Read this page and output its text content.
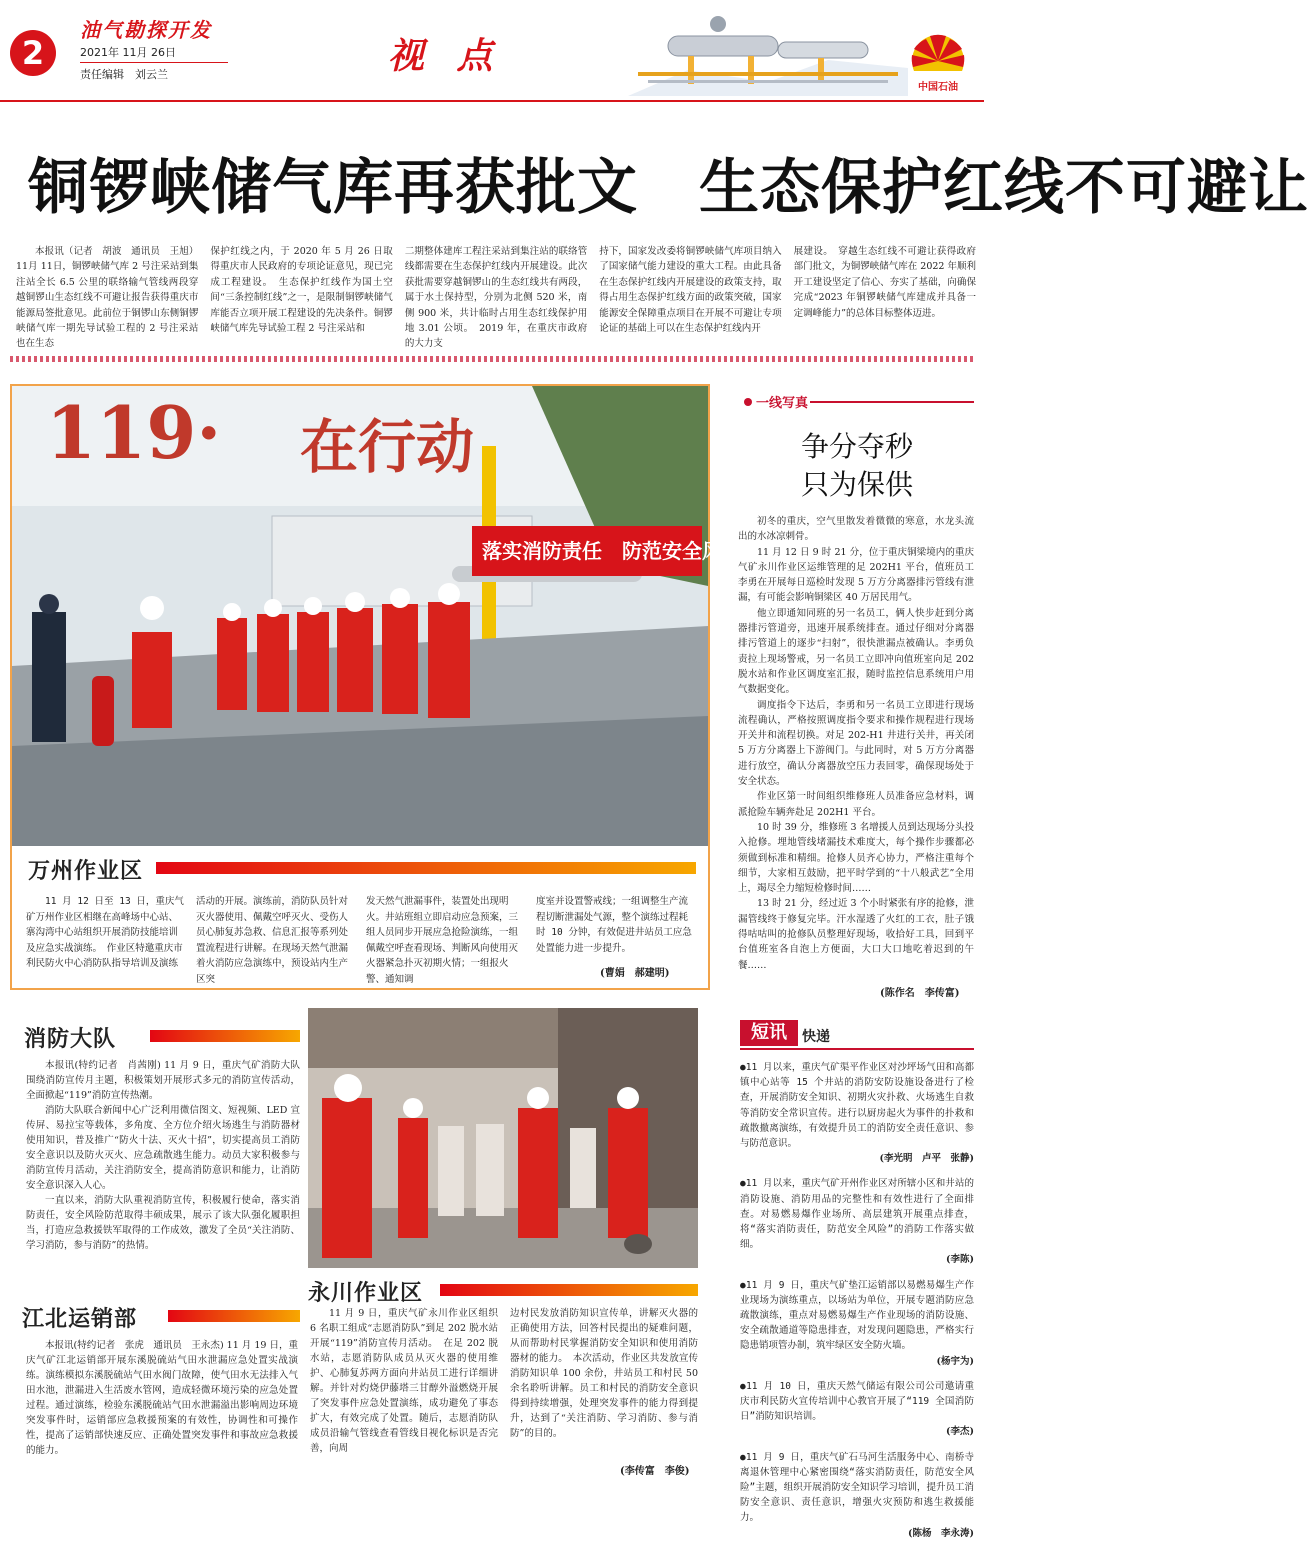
2
油气勘探开发
2021年 11月 26日
责任编辑　刘云兰	视 点
中国石油
铜锣峡储气库再获批文　生态保护红线不可避让

本报讯（记者　胡波　通讯员　王旭）11月 11日，铜锣峡储气库 2 号注采站到集注站全长 6.5 公里的联络输气管线两段穿越铜锣山生态红线不可避让报告获得重庆市能源局签批意见。此前位于铜锣山东侧铜锣峡储气库一期先导试验工程的 2 号注采站也在生态

保护红线之内，于 2020 年 5 月 26 日取得重庆市人民政府的专项论证意见，现已完成工程建设。　生态保护红线作为国土空间“三条控制红线”之一，是限制铜锣峡储气库能否立项开展工程建设的先决条件。铜锣峡储气库先导试验工程 2 号注采站和

二期整体建库工程注采站到集注站的联络管线都需要在生态保护红线内开展建设。此次获批需要穿越铜锣山的生态红线共有两段，属于水土保持型，分别为北侧 520 米，南侧 900 米，共计临时占用生态红线保护用地 3.01 公顷。　2019 年，在重庆市政府的大力支

持下，国家发改委将铜锣峡储气库项目纳入了国家储气能力建设的重大工程。由此具备在生态保护红线内开展建设的政策支持，取得占用生态保护红线方面的政策突破，国家能源安全保障重点项目在开展不可避让专项论证的基础上可以在生态保护红线内开

展建设。　穿越生态红线不可避让获得政府部门批文，为铜锣峡储气库在 2022 年顺利开工建设坚定了信心、夯实了基础，向确保完成“2023 年铜锣峡储气库建成并具备一定调峰能力”的总体目标整体迈进。

落实消防责任　防范安全风险
119· 在行动
万州作业区

11 月 12 日至 13 日，重庆气矿万州作业区相继在高峰场中心站、寨沟湾中心站组织开展消防技能培训及应急实战演练。　作业区特邀重庆市利民防火中心消防队指导培训及演练

活动的开展。演练前，消防队员针对灭火器使用、佩戴空呼灭火、受伤人员心肺复苏急救、信息汇报等系列处置流程进行讲解。在现场天然气泄漏着火消防应急演练中，预设站内生产区突

发天然气泄漏事件，装置处出现明火。井站班组立即启动应急预案，三组人员同步开展应急抢险演练，一组佩戴空呼查看现场、判断风向使用灭火器紧急扑灭初期火情；一组报火警、通知调

度室并设置警戒线；一组调整生产流程切断泄漏处气源，整个演练过程耗时 10 分钟，有效促进井站员工应急处置能力进一步提升。

(曹娟　郝建明)
消防大队

本报讯(特约记者　肖茜刚) 11 月 9 日，重庆气矿消防大队围绕消防宣传月主题，积极策划开展形式多元的消防宣传活动，全面掀起“119”消防宣传热潮。

消防大队联合新闻中心广泛利用微信图文、短视频、LED 宣传屏、易拉宝等载体，多角度、全方位介绍火场逃生与消防器材使用知识，普及推广“防火十法、灭火十招”，切实提高员工消防安全意识以及防火灭火、应急疏散逃生能力。动员大家积极参与消防宣传月活动，关注消防安全，提高消防意识和能力，让消防安全意识深入人心。

一直以来，消防大队重视消防宣传，积极履行使命，落实消防责任，安全风险防范取得丰硕成果，展示了该大队强化履职担当，打造应急救援铁军取得的工作成效，激发了全员“关注消防、学习消防，参与消防”的热情。

永川作业区

11 月 9 日，重庆气矿永川作业区组织 6 名职工组成“志愿消防队”到足 202 脱水站开展“119”消防宣传月活动。　在足 202 脱水站，志愿消防队成员从灭火器的使用维护、心肺复苏两方面向井站员工进行详细讲解。并针对灼烧伊藤塔三甘醇外溢燃烧开展了突发事件应急处置演练，成功避免了事态扩大，有效完成了处置。随后，志愿消防队成员沿输气管线查看管线目视化标识是否完善，向周

边村民发放消防知识宣传单，讲解灭火器的正确使用方法，回答村民提出的疑难问题，从而帮助村民掌握消防安全知识和使用消防器材的能力。　本次活动，作业区共发放宣传消防知识单 100 余份，井站员工和村民 50 余名聆听讲解。员工和村民的消防安全意识得到持续增强，处理突发事件的能力得到提升，达到了“关注消防、学习消防、参与消防”的目的。

(李传富　李俊)
江北运销部

本报讯(特约记者　张虎　通讯员　王永杰) 11 月 19 日，重庆气矿江北运销部开展东溪脱硫站气田水泄漏应急处置实战演练。演练模拟东溪脱硫站气田水阀门故障，使气田水无法排入气田水池，泄漏进入生活废水管网，造成轻微环境污染的应急处置过程。通过演练，检验东溪脱硫站气田水泄漏溢出影响周边环境突发事件时，运销部应急救援预案的有效性，协调性和可操作性，提高了运销部快速反应、正确处置突发事件和事故应急救援的能力。

一线写真
争分夺秒
只为保供

初冬的重庆，空气里散发着微微的寒意，水龙头流出的水冰凉刺骨。

11 月 12 日 9 时 21 分，位于重庆铜梁境内的重庆气矿永川作业区运维管理的足 202H1 平台，值班员工李勇在开展每日巡检时发现 5 万方分离器排污管线有泄漏，有可能会影响铜梁区 40 万居民用气。

他立即通知同班的另一名员工，俩人快步赶到分离器排污管道旁，迅速开展系统排查。通过仔细对分离器排污管道上的逐步“扫射”，很快泄漏点被确认。李勇负责拉上现场警戒，另一名员工立即冲向值班室向足 202 脱水站和作业区调度室汇报，随时监控信息系统用户用气数据变化。

调度指令下达后，李勇和另一名员工立即进行现场流程确认，严格按照调度指令要求和操作规程进行现场开关井和流程切换。对足 202-H1 井进行关井，再关闭 5 万方分离器上下游阀门。与此同时，对 5 万方分离器进行放空，确认分离器放空压力表回零，确保现场处于安全状态。

作业区第一时间组织维修班人员准备应急材料，调派抢险车辆奔赴足 202H1 平台。

10 时 39 分，维修班 3 名增援人员到达现场分头投入抢修。埋地管线堵漏技术难度大，每个操作步骤都必须做到标准和精细。抢修人员齐心协力，严格注重每个细节，大家相互鼓励，把平时学到的“十八般武艺”全用上，竭尽全力缩短检修时间……

13 时 21 分，经过近 3 个小时紧张有序的抢修，泄漏管线终于修复完毕。汗水湿透了火红的工衣，肚子饿得咕咕叫的抢修队员整理好现场，收拾好工具，回到平台值班室各自泡上方便面，大口大口地吃着迟到的午餐……

(陈作名　李传富)
短讯	快递
●11 月以来，重庆气矿渠平作业区对沙坪场气田和高都镇中心站等 15 个井站的消防安防设施设备进行了检查，开展消防安全知识、初期火灾扑救、火场逃生自救等消防安全常识宣传。进行以厨房起火为事件的扑救和疏散撤离演练，有效提升员工的消防安全责任意识、参与防范意识。
(李光明　卢平　张静)
●11 月以来，重庆气矿开州作业区对所辖小区和井站的消防设施、消防用品的完整性和有效性进行了全面排查。对易燃易爆作业场所、高层建筑开展重点排查，将“落实消防责任，防范安全风险”的消防工作落实做细。
(李陈)
●11 月 9 日，重庆气矿垫江运销部以易燃易爆生产作业现场为演练重点，以场站为单位，开展专题消防应急疏散演练，重点对易燃易爆生产作业现场的消防设施、安全疏散通道等隐患排查，对发现问题隐患，严格实行隐患销项管办制，筑牢绿区安全防火墙。
(杨宇为)
●11 月 10 日，重庆天然气储运有限公司公司邀请重庆市利民防火宣传培训中心教官开展了“119 全国消防日”消防知识培训。
(李杰)
●11 月 9 日，重庆气矿石马河生活服务中心、南桥寺离退休管理中心紧密围绕“落实消防责任，防范安全风险”主题，组织开展消防安全知识学习培训，提升员工消防安全意识、责任意识，增强火灾预防和逃生救援能力。
(陈杨　李永涛)
